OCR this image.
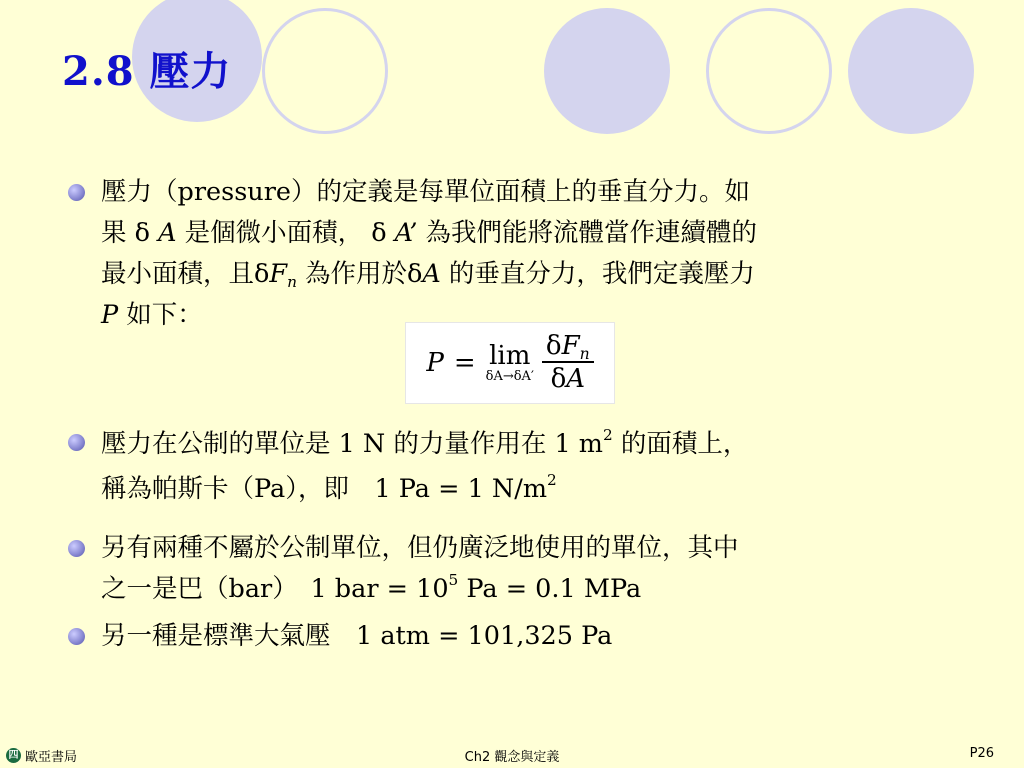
2.8 壓力
壓力（pressure）的定義是每單位面積上的垂直分力。如
果 δ A 是個微小面積， δ A’ 為我們能將流體當作連續體的
最小面積，且$\delta F_n$ 為作用於δA 的垂直分力，我們定義壓力
P 如下：
P = lim
$\delta A\to\delta A' \frac{\delta F_n}{\delta A}$
壓力在公制的單位是 1 N 的力量作用在 1 $m^2$ 的面積上，
稱為帕斯卡（Pa），即　1 Pa = 1 $N/m^2$
另有兩種不屬於公制單位，但仍廣泛地使用的單位，其中
之一是巴（bar）　1 bar = $10^5$ Pa = 0.1 MPa
另一種是標準大氣壓　1 atm = 101,325 Pa
Ch2 觀念與定義
四 歐亞書局	P26
